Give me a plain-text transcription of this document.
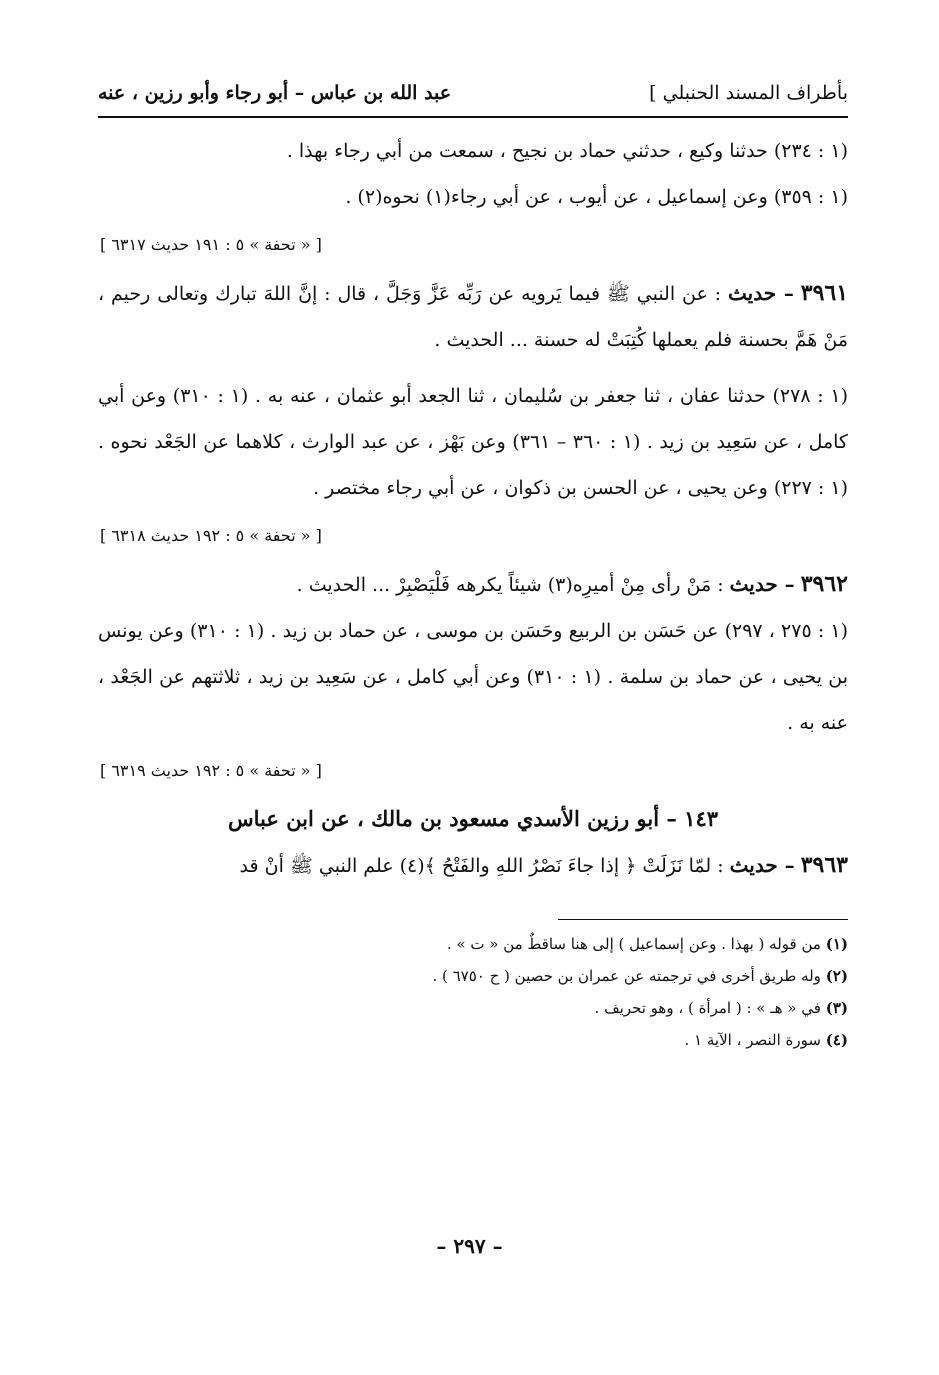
بأطراف المسند الحنبلي ]
عبد الله بن عباس – أبو رجاء وأبو رزين ، عنه

(١ : ٢٣٤) حدثنا وكيع ، حدثني حماد بن نجيح ، سمعت من أبي رجاء بهذا .

(١ : ٣٥٩) وعن إسماعيل ، عن أيوب ، عن أبي رجاء(١) نحوه(٢) .

[ « تحفة » ٥ : ١٩١ حديث ٦٣١٧ ]

٣٩٦١ – حديث : عن النبي ﷺ فيما يَرويه عن رَبِّه عَزَّ وَجَلَّ ، قال : إنَّ اللهَ تبارك وتعالى رحيم ، مَنْ هَمَّ بحسنة فلم يعملها كُتِبَتْ له حسنة ... الحديث .

(١ : ٢٧٨) حدثنا عفان ، ثنا جعفر بن سُليمان ، ثنا الجعد أبو عثمان ، عنه به . (١ : ٣١٠) وعن أبي كامل ، عن سَعِيد بن زيد . (١ : ٣٦٠ – ٣٦١) وعن بَهْز ، عن عبد الوارث ، كلاهما عن الجَعْد نحوه . (١ : ٢٢٧) وعن يحيى ، عن الحسن بن ذكوان ، عن أبي رجاء مختصر .

[ « تحفة » ٥ : ١٩٢ حديث ٦٣١٨ ]

٣٩٦٢ – حديث : مَنْ رأى مِنْ أميرِه(٣) شيئاً يكرهه فَلْيَصْبِرْ ... الحديث .

(١ : ٢٧٥ ، ٢٩٧) عن حَسَن بن الربيع وحَسَن بن موسى ، عن حماد بن زيد . (١ : ٣١٠) وعن يونس بن يحيى ، عن حماد بن سلمة . (١ : ٣١٠) وعن أبي كامل ، عن سَعِيد بن زيد ، ثلاثتهم عن الجَعْد ، عنه به .

[ « تحفة » ٥ : ١٩٢ حديث ٦٣١٩ ]

١٤٣ – أبو رزين الأسدي مسعود بن مالك ، عن ابن عباس

٣٩٦٣ – حديث : لمّا نَزَلَتْ ﴿ إذا جاءَ نَصْرُ اللهِ والفَتْحُ ﴾(٤) علم النبي ﷺ أنْ قد

(١) من قوله ( بهذا . وعن إسماعيل ) إلى هنا ساقطٌ من « ت » .

(٢) وله طريق أخرى في ترجمته عن عمران بن حصين ( ح ٦٧٥٠ ) .

(٣) في « هـ » : ( امرأة ) ، وهو تحريف .

(٤) سورة النصر ، الآية ١ .

– ٢٩٧ –
